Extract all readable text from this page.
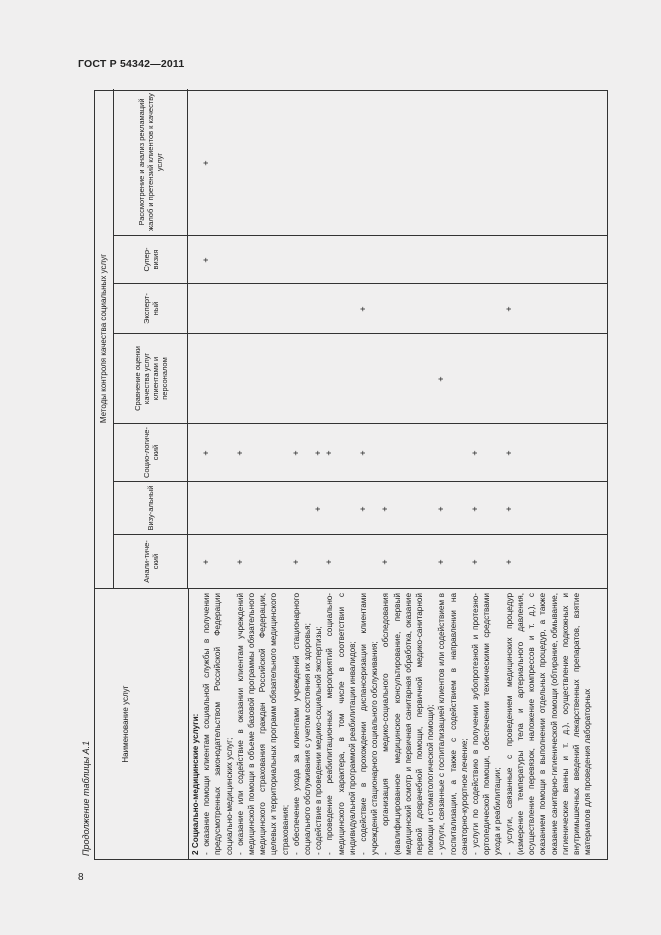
ГОСТ Р 54342—2011
8
Продолжение таблицы А.1
Наименование услуг
Методы контроля качества социальных услуг
Анали-тиче-ский
Визу-альный
Социо-логиче-ский
Сравнение оценки качества услуг клиентами и персоналом
Эксперт-ный
Супер-визия
Рассмотрение и анализ рекламаций жалоб и претензий клиентов к качеству услуг
2 Социально-медицинские услуги: - оказание помощи клиентам социальной службы в получении предусмотренных законодательством Российской Федерации социально-медицинских услуг;
+
+
+
+
- оказание или содействие в оказании клиентам учреждений медицинской помощи в объеме базовой программы обязательного медицинского страхования граждан Российской Федерации, целевых и территориальных программ обязательного медицинского страхования;
+
+
- обеспечение ухода за клиентами учреждений стационарного социального обслуживания с учетом состояния их здоровья;
+
+
- содействие в проведении медико-социальной экспертизы;
+
+
- проведение реабилитационных мероприятий социально-медицинского характера, в том числе в соответствии с индивидуальной программой реабилитации инвалидов;
+
+
- содействие в прохождении диспансеризации клиентами учреждений стационарного социального обслуживания;
+
+
+
- организация медико-социального обследования (квалифицированное медицинское консультирование, первый медицинский осмотр и первичная санитарная обработка, оказание первой доврачебной помощи, первичной медико-санитарной помощи и стоматологической помощи);
+
+
- услуги, связанные с госпитализацией клиентов или содействием в госпитализации, а также с содействием в направлении на санаторно-курортное лечение;
+
+
+
- услуги по содействию в получении зубопротезной и протезно-ортопедической помощи, обеспечении техническими средствами ухода и реабилитации;
+
+
+
- услуги, связанные с проведением медицинских процедур (измерение температуры тела и артериального давления, осуществление перевязок, наложение компрессов и т. д.), с оказанием помощи в выполнении отдельных процедур, а также оказание санитарно-гигиенической помощи (обтирание, обмывание, гигиенические ванны и т. д.), осуществление подкожных и внутримышечных введений лекарственных препаратов, взятие материалов для проведения лабораторных
+
+
+
+
